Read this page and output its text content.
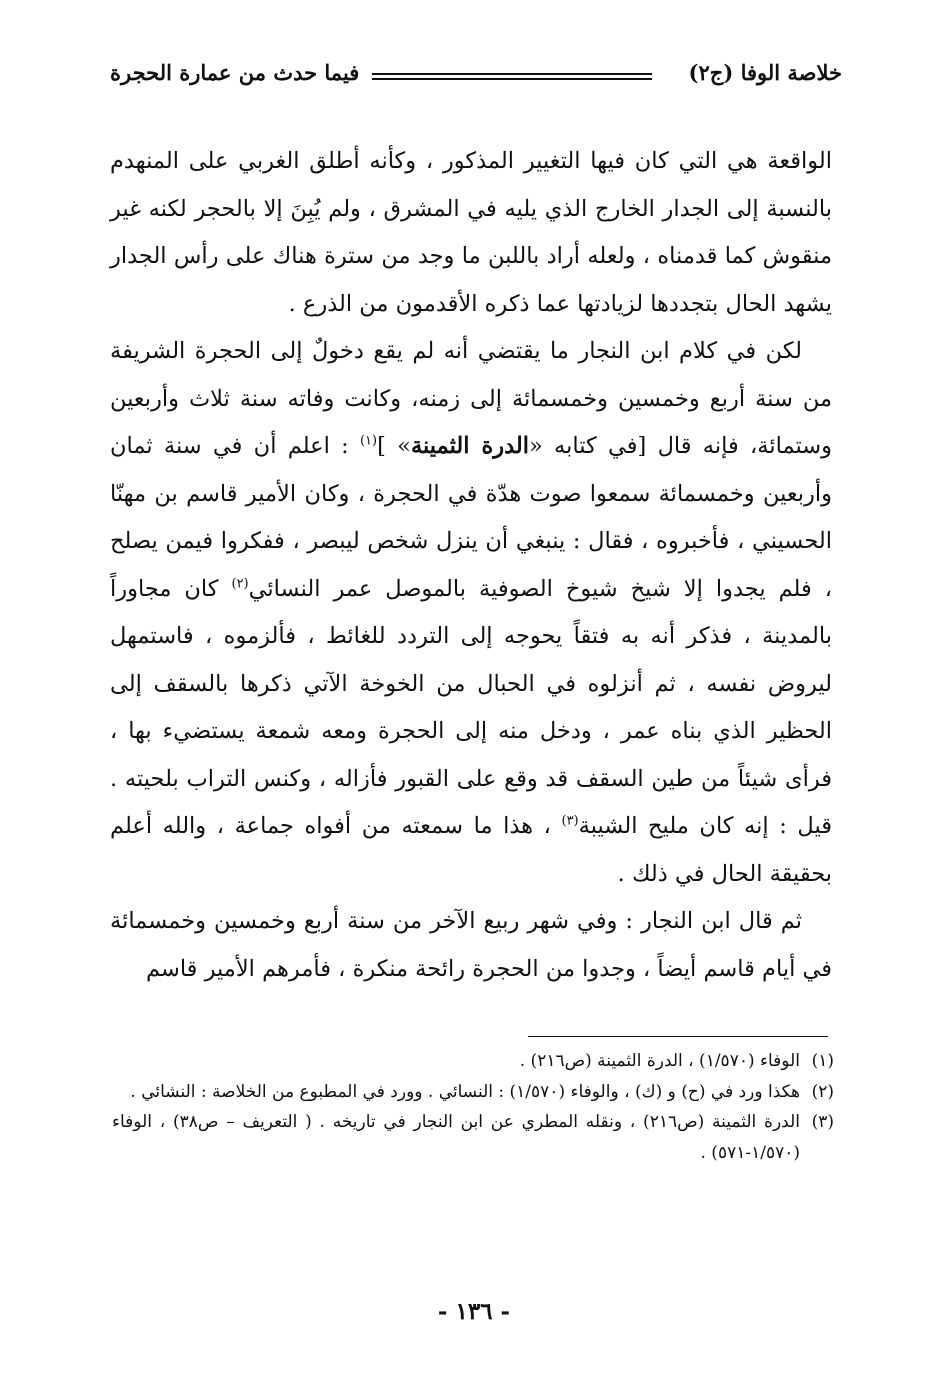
فيما حدث من عمارة الحجرة	خلاصة الوفا (ج٢)

الواقعة هي التي كان فيها التغيير المذكور ، وكأنه أطلق الغربي على المنهدم بالنسبة إلى الجدار الخارج الذي يليه في المشرق ، ولم يُبِنَ إلا بالحجر لكنه غير منقوش كما قدمناه ، ولعله أراد باللبن ما وجد من سترة هناك على رأس الجدار يشهد الحال بتجددها لزيادتها عما ذكره الأقدمون من الذرع .

لكن في كلام ابن النجار ما يقتضي أنه لم يقع دخولٌ إلى الحجرة الشريفة من سنة أربع وخمسين وخمسمائة إلى زمنه، وكانت وفاته سنة ثلاث وأربعين وستمائة، فإنه قال [في كتابه «الدرة الثمينة» ]$^{(١)}$ : اعلم أن في سنة ثمان وأربعين وخمسمائة سمعوا صوت هدّة في الحجرة ، وكان الأمير قاسم بن مهنّا الحسيني ، فأخبروه ، فقال : ينبغي أن ينزل شخص ليبصر ، ففكروا فيمن يصلح ، فلم يجدوا إلا شيخ شيوخ الصوفية بالموصل عمر النسائي$^{(٢)}$ كان مجاوراً بالمدينة ، فذكر أنه به فتقاً يحوجه إلى التردد للغائط ، فألزموه ، فاستمهل ليروض نفسه ، ثم أنزلوه في الحبال من الخوخة الآتي ذكرها بالسقف إلى الحظير الذي بناه عمر ، ودخل منه إلى الحجرة ومعه شمعة يستضيء بها ، فرأى شيئاً من طين السقف قد وقع على القبور فأزاله ، وكنس التراب بلحيته . قيل : إنه كان مليح الشيبة$^{(٣)}$ ، هذا ما سمعته من أفواه جماعة ، والله أعلم بحقيقة الحال في ذلك .

ثم قال ابن النجار : وفي شهر ربيع الآخر من سنة أربع وخمسين وخمسمائة في أيام قاسم أيضاً ، وجدوا من الحجرة رائحة منكرة ، فأمرهم الأمير قاسم

(١)
الوفاء (١/٥٧٠) ، الدرة الثمينة (ص٢١٦) .
(٢)
هكذا ورد في (ح) و (ك) ، والوفاء (١/٥٧٠) : النسائي . وورد في المطبوع من الخلاصة : النشائي .
(٣)
الدرة الثمينة (ص٢١٦) ، ونقله المطري عن ابن النجار في تاريخه . ( التعريف – ص٣٨) ، الوفاء (١/٥٧٠-٥٧١) .
- ١٣٦ -
